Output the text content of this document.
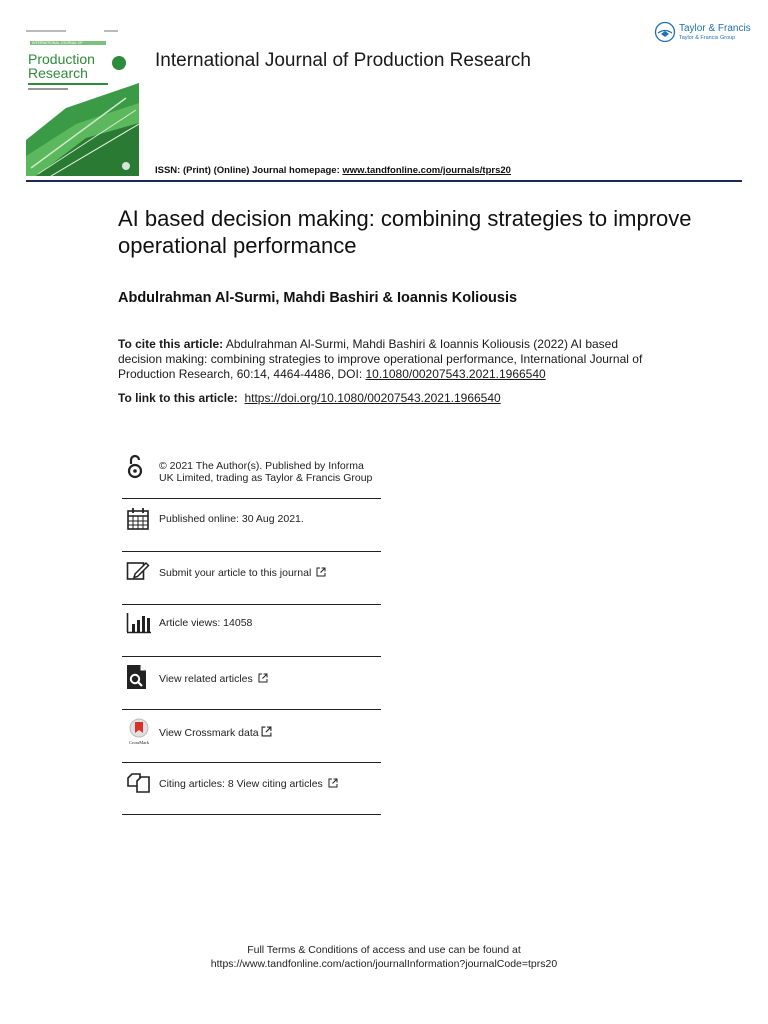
INTERNATIONAL JOURNAL OF
Production
Research
International Journal of Production Research
ISSN: (Print) (Online) Journal homepage: www.tandfonline.com/journals/tprs20
Taylor & Francis
Taylor & Francis Group
AI based decision making: combining strategies to improve operational performance
Abdulrahman Al-Surmi, Mahdi Bashiri & Ioannis Koliousis
To cite this article: Abdulrahman Al-Surmi, Mahdi Bashiri & Ioannis Koliousis (2022) AI based decision making: combining strategies to improve operational performance, International Journal of Production Research, 60:14, 4464-4486, DOI: 10.1080/00207543.2021.1966540
To link to this article: https://doi.org/10.1080/00207543.2021.1966540
© 2021 The Author(s). Published by Informa UK Limited, trading as Taylor & Francis Group
Published online: 30 Aug 2021.
Submit your article to this journal
Article views: 14058
View related articles
CrossMark
View Crossmark data
Citing articles: 8 View citing articles
Full Terms & Conditions of access and use can be found at
https://www.tandfonline.com/action/journalInformation?journalCode=tprs20
